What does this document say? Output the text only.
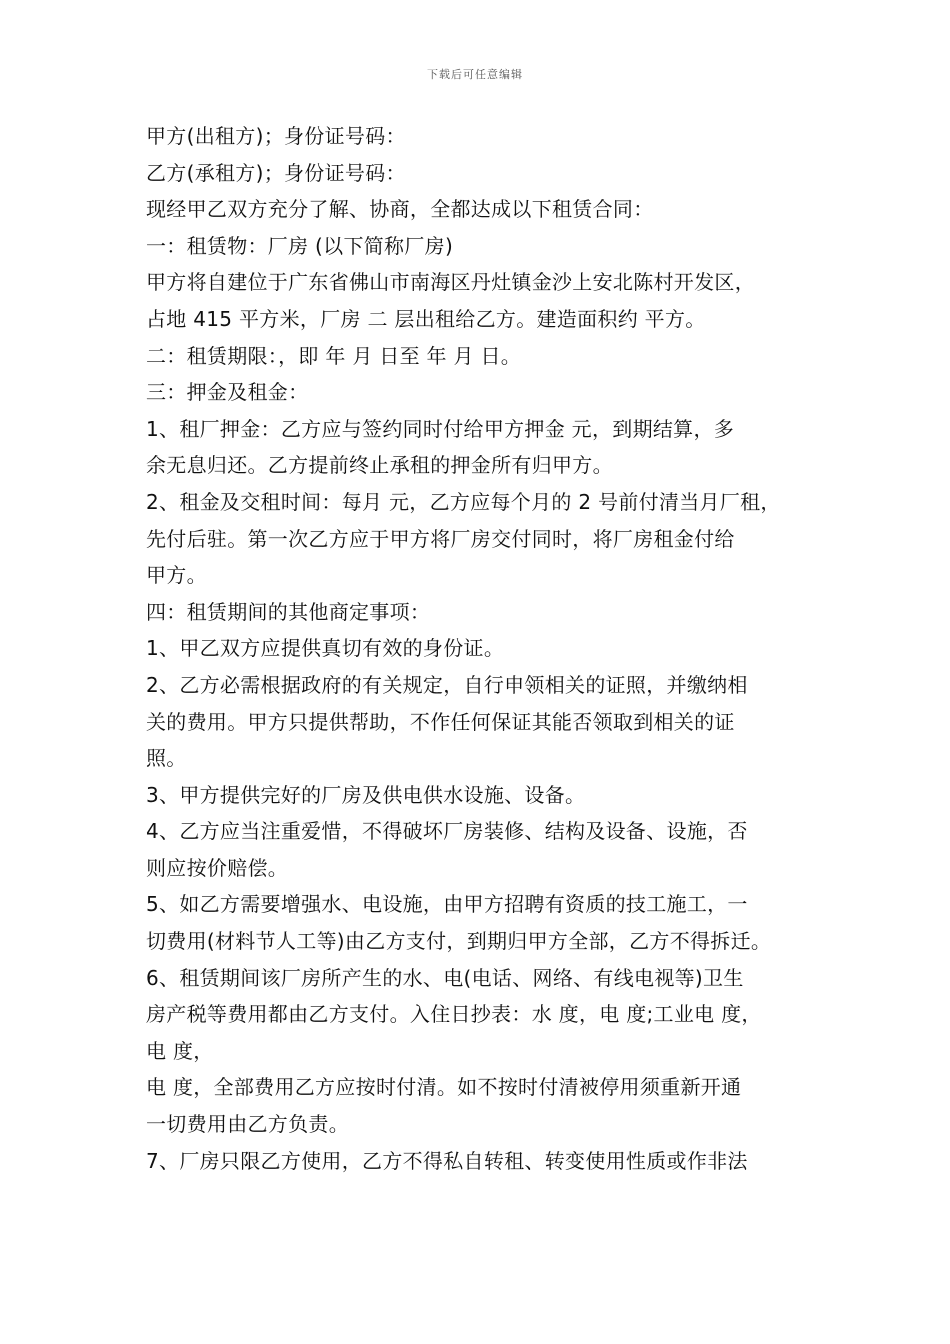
下载后可任意编辑
甲方(出租方)；身份证号码：
乙方(承租方)；身份证号码：
现经甲乙双方充分了解、协商，全都达成以下租赁合同：
一：租赁物：厂房 (以下简称厂房)
甲方将自建位于广东省佛山市南海区丹灶镇金沙上安北陈村开发区，
占地 415 平方米，厂房 二 层出租给乙方。建造面积约 平方。
二：租赁期限：，即 年 月 日至 年 月 日。
三：押金及租金：
1、租厂押金：乙方应与签约同时付给甲方押金 元，到期结算，多
余无息归还。乙方提前终止承租的押金所有归甲方。
2、租金及交租时间：每月 元，乙方应每个月的 2 号前付清当月厂租，
先付后驻。第一次乙方应于甲方将厂房交付同时，将厂房租金付给
甲方。
四：租赁期间的其他商定事项：
1、甲乙双方应提供真切有效的身份证。
2、乙方必需根据政府的有关规定，自行申领相关的证照，并缴纳相
关的费用。甲方只提供帮助，不作任何保证其能否领取到相关的证
照。
3、甲方提供完好的厂房及供电供水设施、设备。
4、乙方应当注重爱惜，不得破坏厂房装修、结构及设备、设施，否
则应按价赔偿。
5、如乙方需要增强水、电设施，由甲方招聘有资质的技工施工，一
切费用(材料节人工等)由乙方支付，到期归甲方全部，乙方不得拆迁。
6、租赁期间该厂房所产生的水、电(电话、网络、有线电视等)卫生
房产税等费用都由乙方支付。入住日抄表：水 度，电 度;工业电 度，
电 度，
电 度，全部费用乙方应按时付清。如不按时付清被停用须重新开通
一切费用由乙方负责。
7、厂房只限乙方使用，乙方不得私自转租、转变使用性质或作非法
